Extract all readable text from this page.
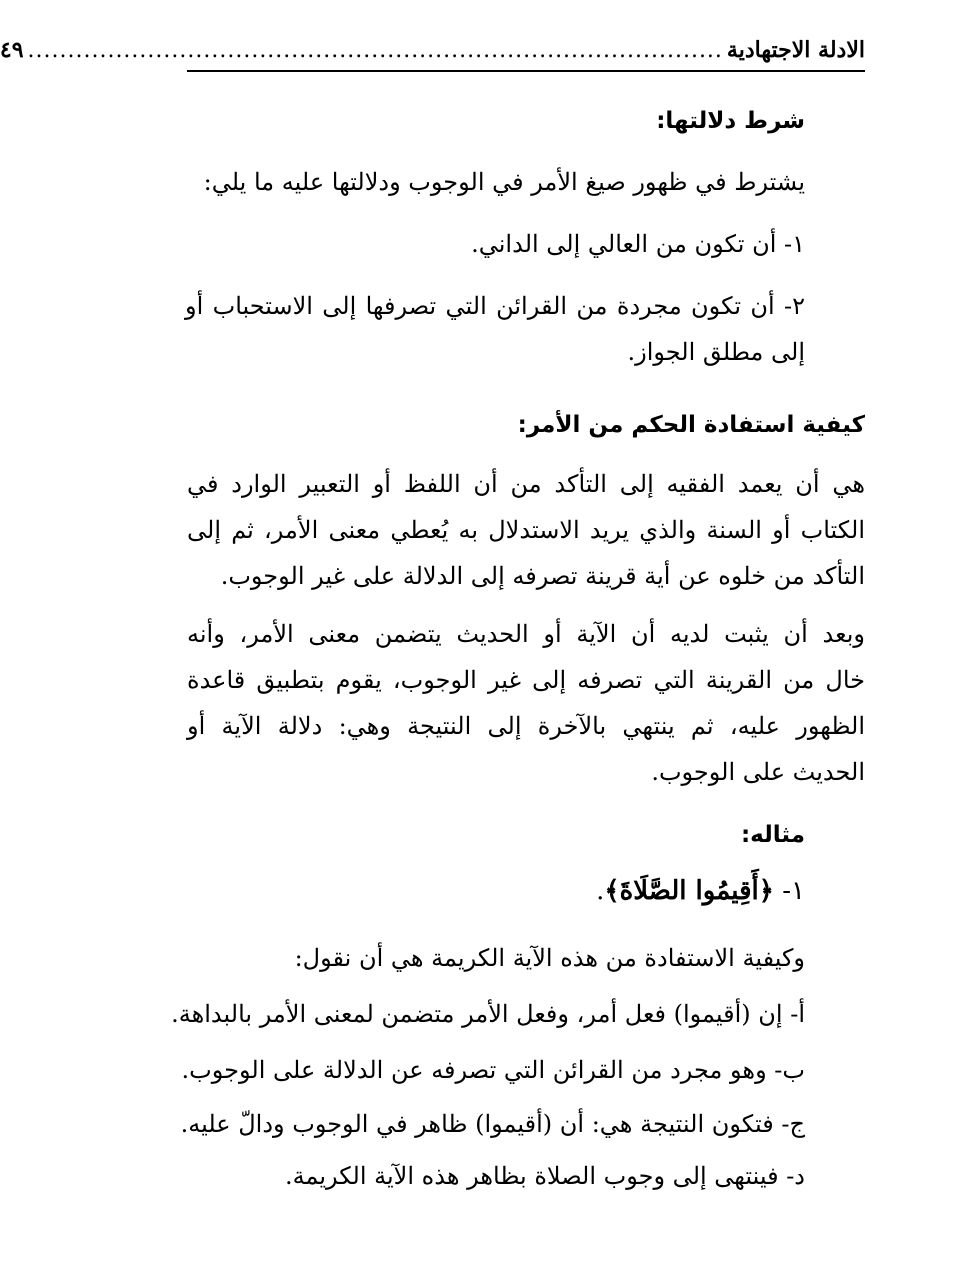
الادلة الاجتهادية
.......................................................................................
٤٩
شرط دلالتها:
يشترط في ظهور صيغ الأمر في الوجوب ودلالتها عليه ما يلي:
١- أن تكون من العالي إلى الداني.
٢- أن تكون مجردة من القرائن التي تصرفها إلى الاستحباب أو
إلى مطلق الجواز.
كيفية استفادة الحكم من الأمر:
هي أن يعمد الفقيه إلى التأكد من أن اللفظ أو التعبير الوارد في
الكتاب أو السنة والذي يريد الاستدلال به يُعطي معنى الأمر، ثم إلى
التأكد من خلوه عن أية قرينة تصرفه إلى الدلالة على غير الوجوب.
وبعد أن يثبت لديه أن الآية أو الحديث يتضمن معنى الأمر، وأنه
خال من القرينة التي تصرفه إلى غير الوجوب، يقوم بتطبيق قاعدة
الظهور عليه، ثم ينتهي بالآخرة إلى النتيجة وهي: دلالة الآية أو
الحديث على الوجوب.
مثاله:
١- ﴿أَقِيمُوا الصَّلَاةَ﴾.
وكيفية الاستفادة من هذه الآية الكريمة هي أن نقول:
أ- إن (أقيموا) فعل أمر، وفعل الأمر متضمن لمعنى الأمر بالبداهة.
ب- وهو مجرد من القرائن التي تصرفه عن الدلالة على الوجوب.
ج- فتكون النتيجة هي: أن (أقيموا) ظاهر في الوجوب ودالّ عليه.
د- فينتهى إلى وجوب الصلاة بظاهر هذه الآية الكريمة.
